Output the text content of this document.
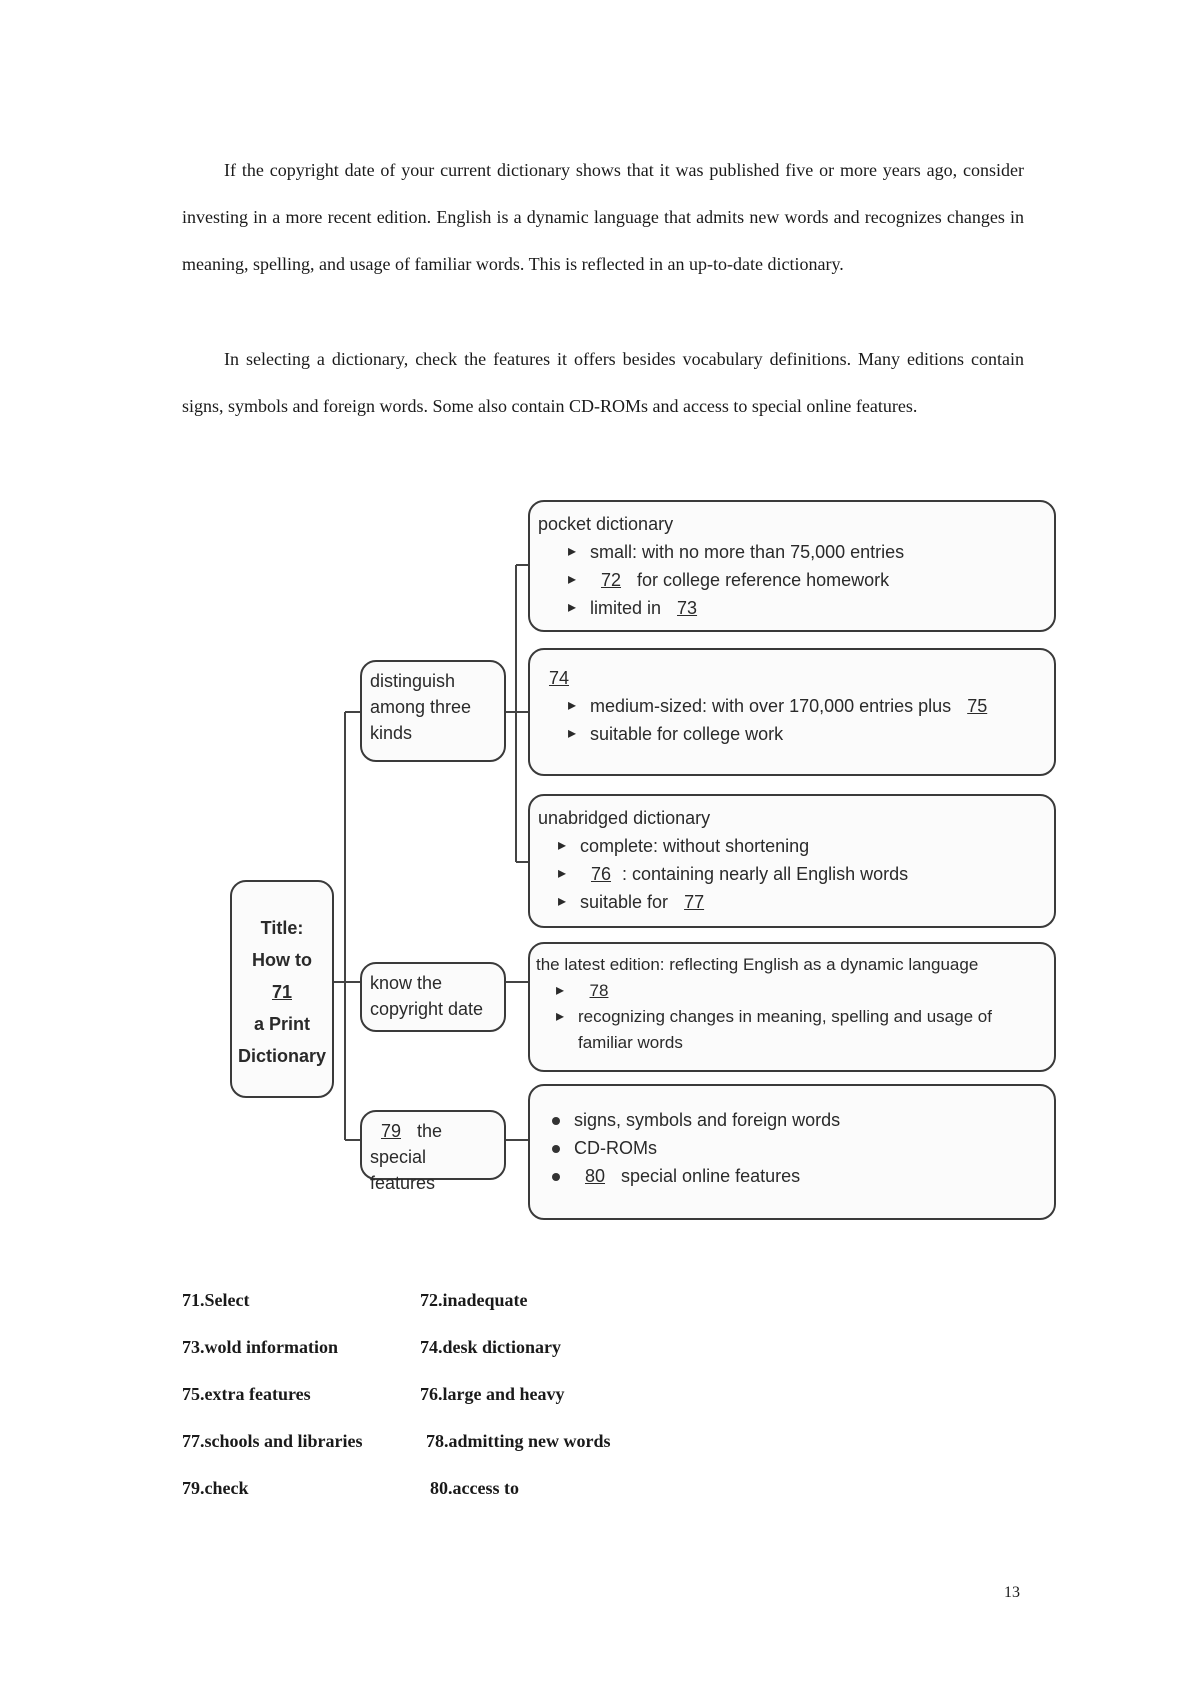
If the copyright date of your current dictionary shows that it was published five or more years ago, consider investing in a more recent edition. English is a dynamic language that admits new words and recognizes changes in meaning, spelling, and usage of familiar words. This is reflected in an up-to-date dictionary.

In selecting a dictionary, check the features it offers besides vocabulary definitions. Many editions contain signs, symbols and foreign words. Some also contain CD-ROMs and access to special online features.

Title:
How to
71
a Print
Dictionary
distinguish
among three
kinds
know the
copyright date
79 the
special features
pocket dictionary
▸ small: with no more than 75,000 entries
▸ 72 for college reference homework
▸ limited in 73
74
▸ medium-sized: with over 170,000 entries plus 75
▸ suitable for college work
unabridged dictionary
▸ complete: without shortening
▸ 76 : containing nearly all English words
▸ suitable for 77
the latest edition: reflecting English as a dynamic language
▸ 78
▸ recognizing changes in meaning, spelling and usage of familiar words
signs, symbols and foreign words
CD-ROMs
80 special online features

71.Select	72.inadequate

73.wold information	74.desk dictionary

75.extra features	76.large and heavy

77.schools and libraries	78.admitting new words

79.check	80.access to

13
